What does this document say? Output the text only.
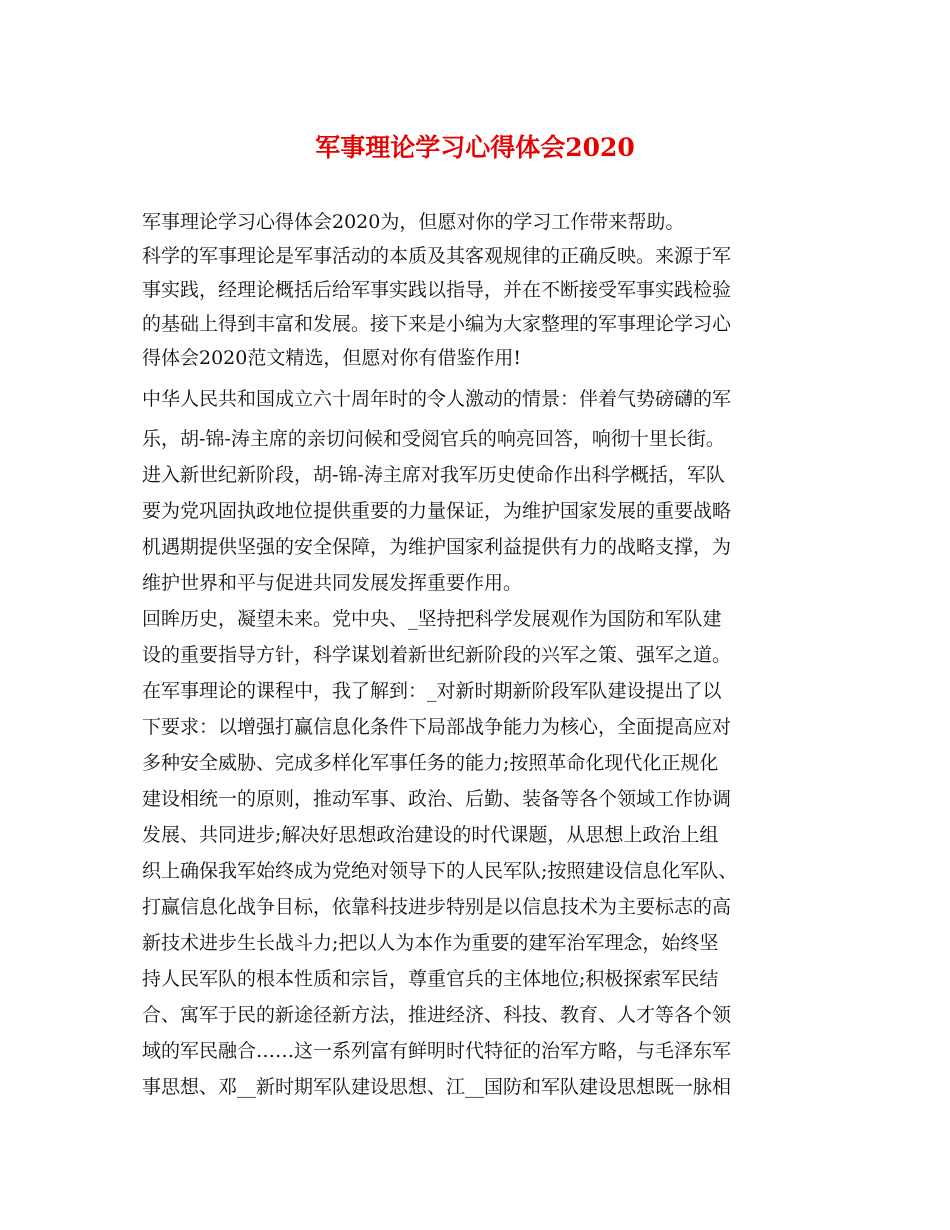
军事理论学习心得体会2020

军事理论学习心得体会2020为，但愿对你的学习工作带来帮助。

科学的军事理论是军事活动的本质及其客观规律的正确反映。来源于军

事实践，经理论概括后给军事实践以指导，并在不断接受军事实践检验

的基础上得到丰富和发展。接下来是小编为大家整理的军事理论学习心

得体会2020范文精选，但愿对你有借鉴作用!

中华人民共和国成立六十周年时的令人激动的情景：伴着气势磅礴的军

乐，胡-锦-涛主席的亲切问候和受阅官兵的响亮回答，响彻十里长街。

进入新世纪新阶段，胡-锦-涛主席对我军历史使命作出科学概括，军队

要为党巩固执政地位提供重要的力量保证，为维护国家发展的重要战略

机遇期提供坚强的安全保障，为维护国家利益提供有力的战略支撑，为

维护世界和平与促进共同发展发挥重要作用。

回眸历史，凝望未来。党中央、_坚持把科学发展观作为国防和军队建

设的重要指导方针，科学谋划着新世纪新阶段的兴军之策、强军之道。

在军事理论的课程中，我了解到：_对新时期新阶段军队建设提出了以

下要求：以增强打赢信息化条件下局部战争能力为核心，全面提高应对

多种安全威胁、完成多样化军事任务的能力;按照革命化现代化正规化

建设相统一的原则，推动军事、政治、后勤、装备等各个领域工作协调

发展、共同进步;解决好思想政治建设的时代课题，从思想上政治上组

织上确保我军始终成为党绝对领导下的人民军队;按照建设信息化军队、

打赢信息化战争目标，依靠科技进步特别是以信息技术为主要标志的高

新技术进步生长战斗力;把以人为本作为重要的建军治军理念，始终坚

持人民军队的根本性质和宗旨，尊重官兵的主体地位;积极探索军民结

合、寓军于民的新途径新方法，推进经济、科技、教育、人才等各个领

域的军民融合……这一系列富有鲜明时代特征的治军方略，与毛泽东军

事思想、邓__新时期军队建设思想、江__国防和军队建设思想既一脉相
